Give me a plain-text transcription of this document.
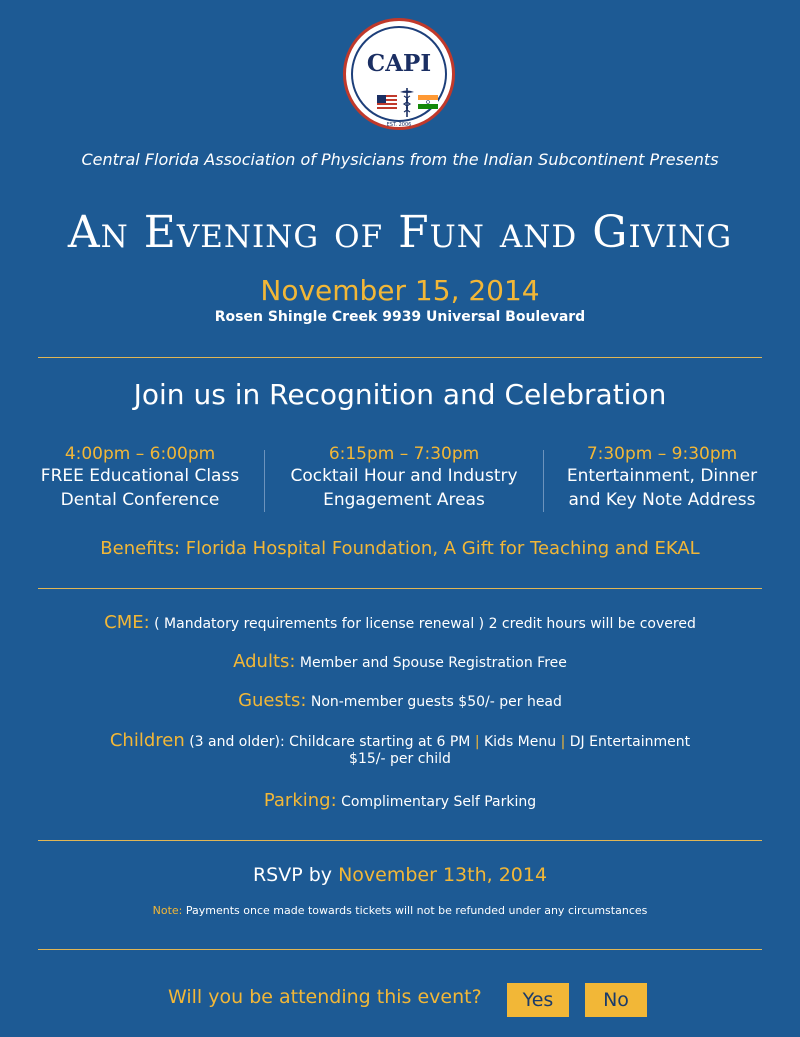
CAPI
EST. 2006
Central Florida Association of Physicians from the Indian Subcontinent Presents
An Evening of Fun and Giving
November 15, 2014
Rosen Shingle Creek 9939 Universal Boulevard
Join us in Recognition and Celebration
4:00pm – 6:00pm
FREE Educational Class
Dental Conference
6:15pm – 7:30pm
Cocktail Hour and Industry
Engagement Areas
7:30pm – 9:30pm
Entertainment, Dinner
and Key Note Address
Benefits: Florida Hospital Foundation, A Gift for Teaching and EKAL
CME: ( Mandatory requirements for license renewal ) 2 credit hours will be covered
Adults: Member and Spouse Registration Free
Guests: Non-member guests $50/- per head
Children (3 and older): Childcare starting at 6 PM | Kids Menu | DJ Entertainment
$15/- per child
Parking: Complimentary Self Parking
RSVP by November 13th, 2014
Note: Payments once made towards tickets will not be refunded under any circumstances
Will you be attending this event?	Yes	No
